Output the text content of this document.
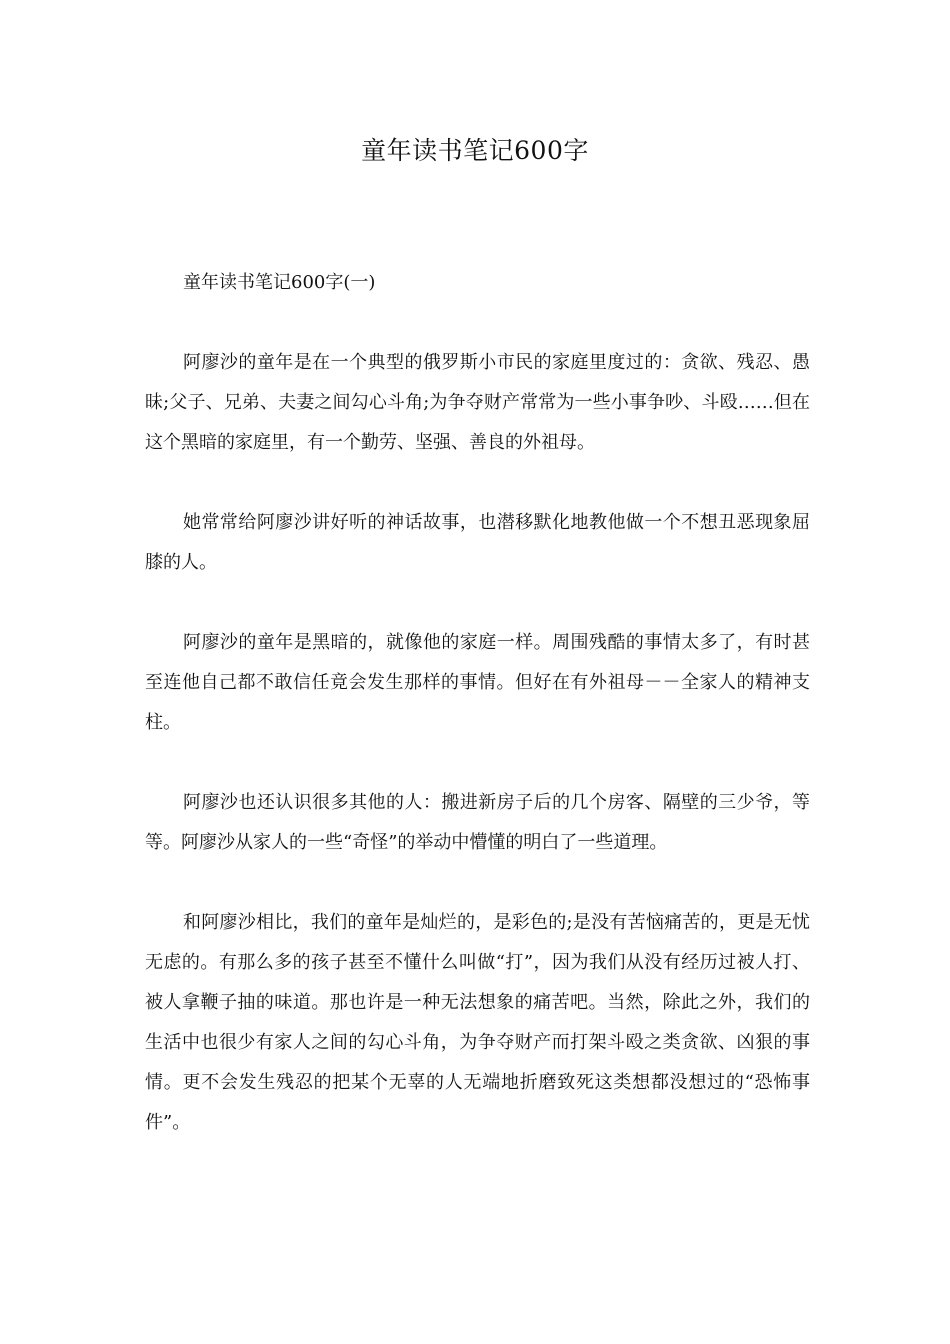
童年读书笔记600字

童年读书笔记600字(一)

阿廖沙的童年是在一个典型的俄罗斯小市民的家庭里度过的：贪欲、残忍、愚昧;父子、兄弟、夫妻之间勾心斗角;为争夺财产常常为一些小事争吵、斗殴……但在这个黑暗的家庭里，有一个勤劳、坚强、善良的外祖母。

她常常给阿廖沙讲好听的神话故事，也潜移默化地教他做一个不想丑恶现象屈膝的人。

阿廖沙的童年是黑暗的，就像他的家庭一样。周围残酷的事情太多了，有时甚至连他自己都不敢信任竟会发生那样的事情。但好在有外祖母－－全家人的精神支柱。

阿廖沙也还认识很多其他的人：搬进新房子后的几个房客、隔壁的三少爷，等等。阿廖沙从家人的一些“奇怪”的举动中懵懂的明白了一些道理。

和阿廖沙相比，我们的童年是灿烂的，是彩色的;是没有苦恼痛苦的，更是无忧无虑的。有那么多的孩子甚至不懂什么叫做“打”，因为我们从没有经历过被人打、被人拿鞭子抽的味道。那也许是一种无法想象的痛苦吧。当然，除此之外，我们的生活中也很少有家人之间的勾心斗角，为争夺财产而打架斗殴之类贪欲、凶狠的事情。更不会发生残忍的把某个无辜的人无端地折磨致死这类想都没想过的“恐怖事件”。
